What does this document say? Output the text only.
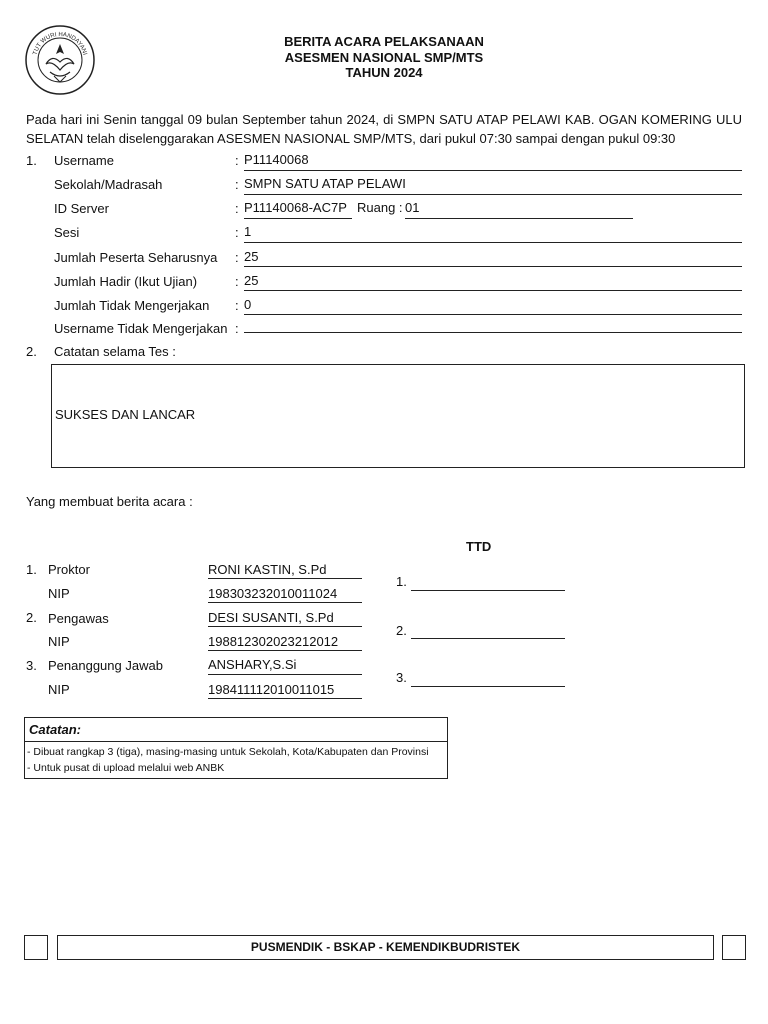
TUT WURI HANDAYANI
BERITA ACARA PELAKSANAAN
ASESMEN NASIONAL SMP/MTS
TAHUN 2024
Pada hari ini Senin tanggal 09 bulan September tahun 2024, di SMPN SATU ATAP PELAWI KAB. OGAN KOMERING ULU
SELATAN telah diselenggarakan ASESMEN NASIONAL SMP/MTS, dari pukul 07:30 sampai dengan pukul 09:30
1. Username	: P11140068
Sekolah/Madrasah	: SMPN SATU ATAP PELAWI
ID Server	: P11140068-AC7P Ruang : 01
Sesi	: 1
Jumlah Peserta Seharusnya : 25
Jumlah Hadir (Ikut Ujian)	: 25
Jumlah Tidak Mengerjakan : 0
Username Tidak Mengerjakan :
2. Catatan selama Tes :
SUKSES DAN LANCAR
Yang membuat berita acara :
TTD
1. Proktor	RONI KASTIN, S.Pd
NIP	198303232010011024
1.
2. Pengawas	DESI SUSANTI, S.Pd
NIP	198812302023212012
2.
3. Penanggung Jawab	ANSHARY,S.Si
NIP	198411112010011015
3.
Catatan:
- Dibuat rangkap 3 (tiga), masing-masing untuk Sekolah, Kota/Kabupaten dan Provinsi
- Untuk pusat di upload melalui web ANBK
PUSMENDIK - BSKAP - KEMENDIKBUDRISTEK
